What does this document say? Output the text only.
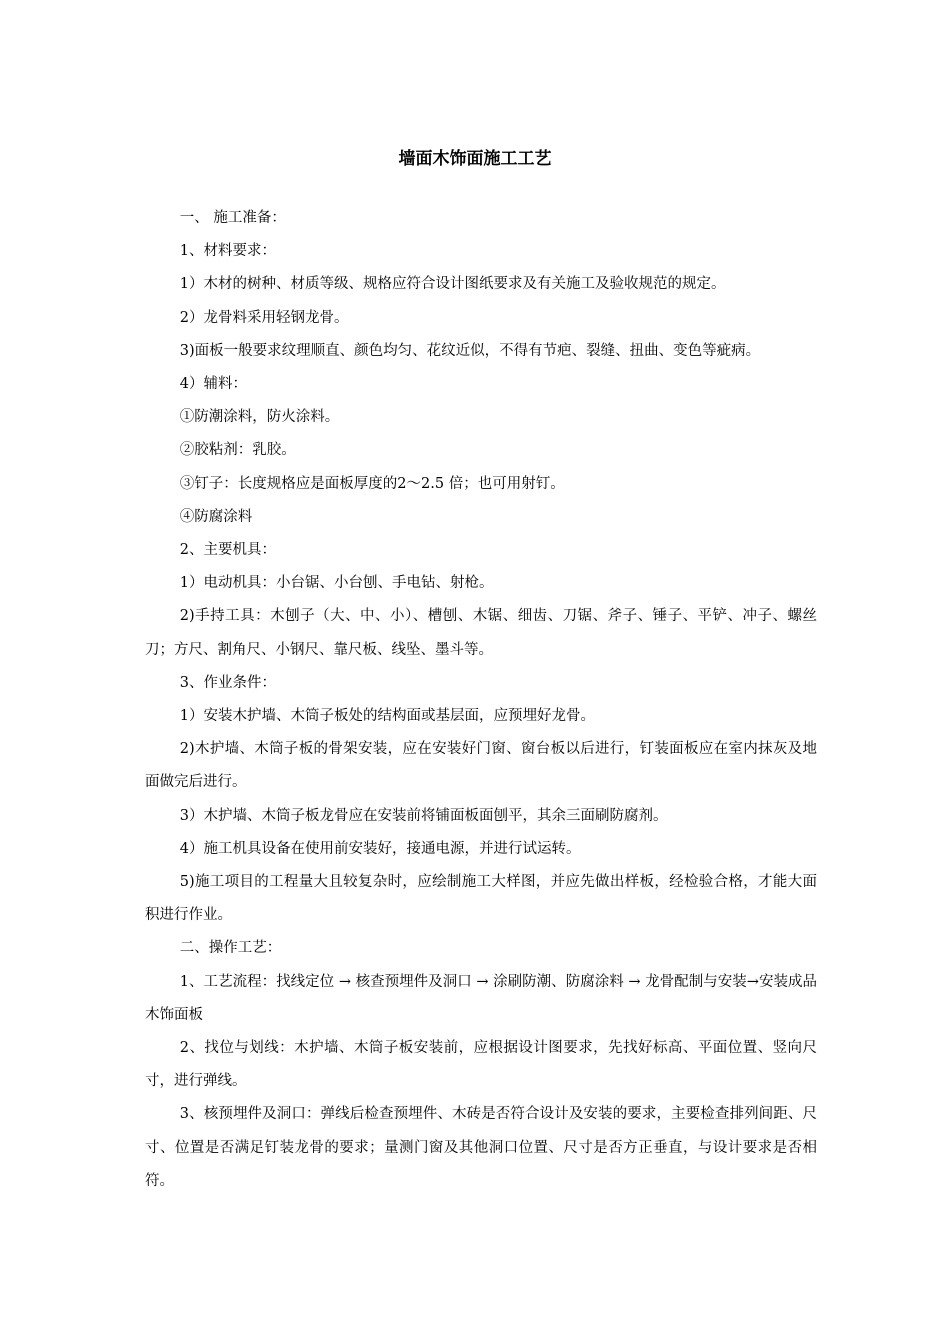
墙面木饰面施工工艺

一、 施工准备：

1、材料要求：

1）木材的树种、材质等级、规格应符合设计图纸要求及有关施工及验收规范的规定。

2）龙骨料采用轻钢龙骨。

3)面板一般要求纹理顺直、颜色均匀、花纹近似，不得有节疤、裂缝、扭曲、变色等疵病。

4）辅料：

①防潮涂料，防火涂料。

②胶粘剂：乳胶。

③钉子：长度规格应是面板厚度的2～2.5 倍；也可用射钉。

④防腐涂料

2、主要机具：

1）电动机具：小台锯、小台刨、手电钻、射枪。

2)手持工具：木刨子（大、中、小）、槽刨、木锯、细齿、刀锯、斧子、锤子、平铲、冲子、螺丝刀；方尺、割角尺、小钢尺、靠尺板、线坠、墨斗等。

3、作业条件：

1）安装木护墙、木筒子板处的结构面或基层面，应预埋好龙骨。

2)木护墙、木筒子板的骨架安装，应在安装好门窗、窗台板以后进行，钉装面板应在室内抹灰及地面做完后进行。

3）木护墙、木筒子板龙骨应在安装前将铺面板面刨平，其余三面刷防腐剂。

4）施工机具设备在使用前安装好，接通电源，并进行试运转。

5)施工项目的工程量大且较复杂时，应绘制施工大样图，并应先做出样板，经检验合格，才能大面积进行作业。

二、操作工艺：

1、工艺流程：找线定位 → 核查预埋件及洞口 → 涂刷防潮、防腐涂料 → 龙骨配制与安装→安装成品木饰面板

2、找位与划线：木护墙、木筒子板安装前，应根据设计图要求，先找好标高、平面位置、竖向尺寸，进行弹线。

3、核预埋件及洞口：弹线后检查预埋件、木砖是否符合设计及安装的要求，主要检查排列间距、尺寸、位置是否满足钉装龙骨的要求；量测门窗及其他洞口位置、尺寸是否方正垂直，与设计要求是否相符。
